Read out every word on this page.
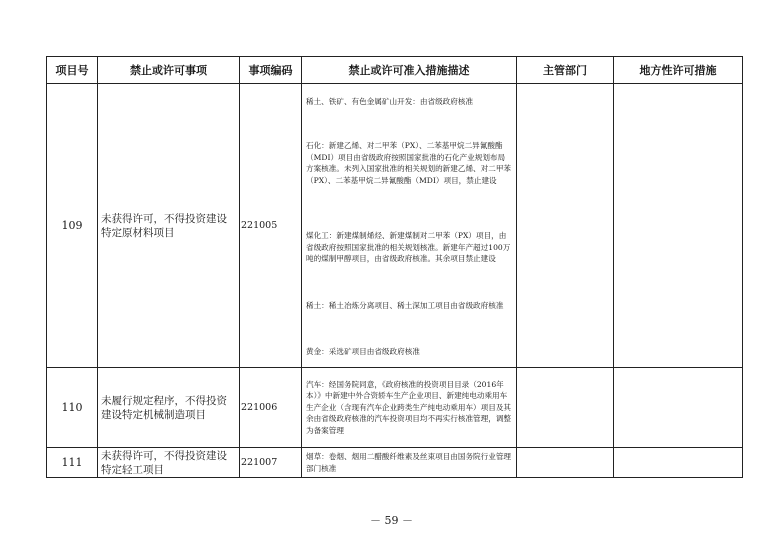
项目号	禁止或许可事项	事项编码	禁止或许可准入措施描述	主管部门	地方性许可措施
109	未获得许可，不得投资建设特定原材料项目	221005	稀土、铁矿、有色金属矿山开发：由省级政府核准

石化：新建乙烯、对二甲苯（PX）、二苯基甲烷二异氰酸酯（MDI）项目由省级政府按照国家批准的石化产业规划布局方案核准。未列入国家批准的相关规划的新建乙烯、对二甲苯（PX）、二苯基甲烷二异氰酸酯（MDI）项目，禁止建设

煤化工：新建煤制烯烃、新建煤制对二甲苯（PX）项目，由省级政府按照国家批准的相关规划核准。新建年产超过100万吨的煤制甲醇项目，由省级政府核准。其余项目禁止建设

稀土：稀土冶炼分离项目、稀土深加工项目由省级政府核准

黄金：采选矿项目由省级政府核准		

110	未履行规定程序，不得投资建设特定机械制造项目	221006	汽车：经国务院同意，《政府核准的投资项目目录（2016年本）》中新建中外合资轿车生产企业项目、新建纯电动乘用车生产企业（含现有汽车企业跨类生产纯电动乘用车）项目及其余由省级政府核准的汽车投资项目均不再实行核准管理，调整为备案管理		

111	未获得许可，不得投资建设特定轻工项目	221007	烟草：卷烟、烟用二醋酸纤维素及丝束项目由国务院行业管理部门核准		

－ 59 －
